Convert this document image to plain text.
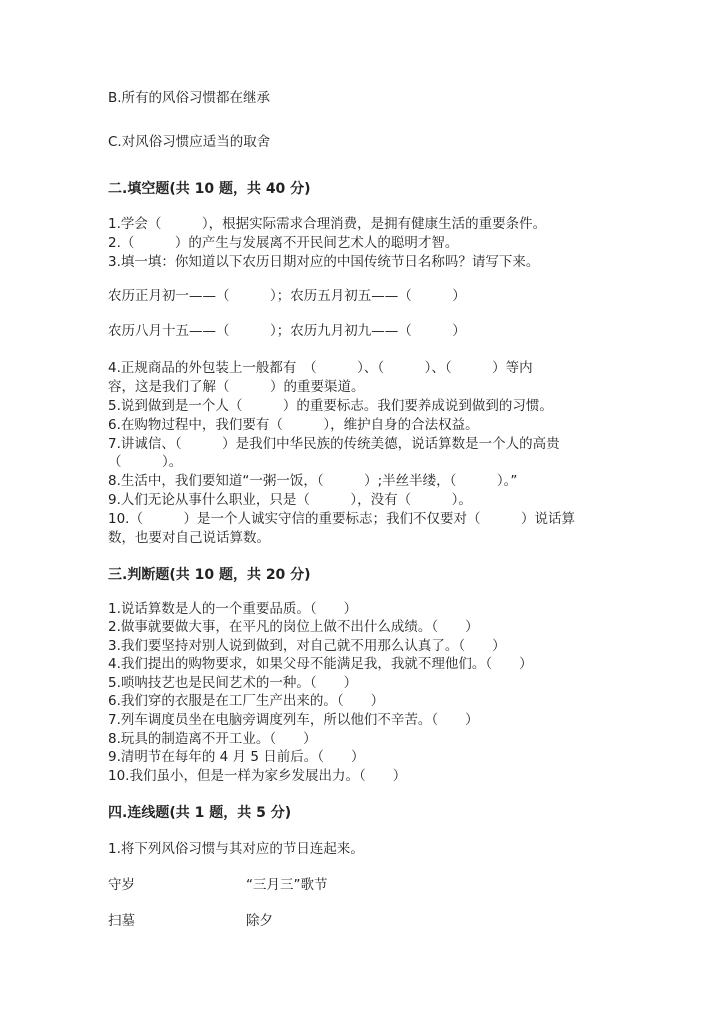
B.所有的风俗习惯都在继承
C.对风俗习惯应适当的取舍
二.填空题(共 10 题，共 40 分)
1.学会（　　　），根据实际需求合理消费，是拥有健康生活的重要条件。
2.（　　　）的产生与发展离不开民间艺术人的聪明才智。
3.填一填：你知道以下农历日期对应的中国传统节日名称吗？请写下来。
农历正月初一——（　　　）；农历五月初五——（　　　）
农历八月十五——（　　　）；农历九月初九——（　　　）
4.正规商品的外包装上一般都有　（　　　）、（　　　）、（　　　）等内
容，这是我们了解（　　　）的重要渠道。
5.说到做到是一个人（　　　）的重要标志。我们要养成说到做到的习惯。
6.在购物过程中，我们要有（　　　），维护自身的合法权益。
7.讲诚信、（　　　）是我们中华民族的传统美德，说话算数是一个人的高贵
（　　　）。
8.生活中，我们要知道“一粥一饭，（　　　）;半丝半缕，（　　　）。”
9.人们无论从事什么职业，只是（　　　），没有（　　　）。
10.（　　　）是一个人诚实守信的重要标志；我们不仅要对（　　　）说话算
数，也要对自己说话算数。
三.判断题(共 10 题，共 20 分)
1.说话算数是人的一个重要品质。（　　）
2.做事就要做大事，在平凡的岗位上做不出什么成绩。（　　）
3.我们要坚持对别人说到做到，对自己就不用那么认真了。（　　）
4.我们提出的购物要求，如果父母不能满足我，我就不理他们。（　　）
5.唢呐技艺也是民间艺术的一种。（　　）
6.我们穿的衣服是在工厂生产出来的。（　　）
7.列车调度员坐在电脑旁调度列车，所以他们不辛苦。（　　）
8.玩具的制造离不开工业。（　　）
9.清明节在每年的 4 月 5 日前后。（　　）
10.我们虽小，但是一样为家乡发展出力。（　　）
四.连线题(共 1 题，共 5 分)
1.将下列风俗习惯与其对应的节日连起来。
守岁	“三月三”歌节
扫墓	除夕
